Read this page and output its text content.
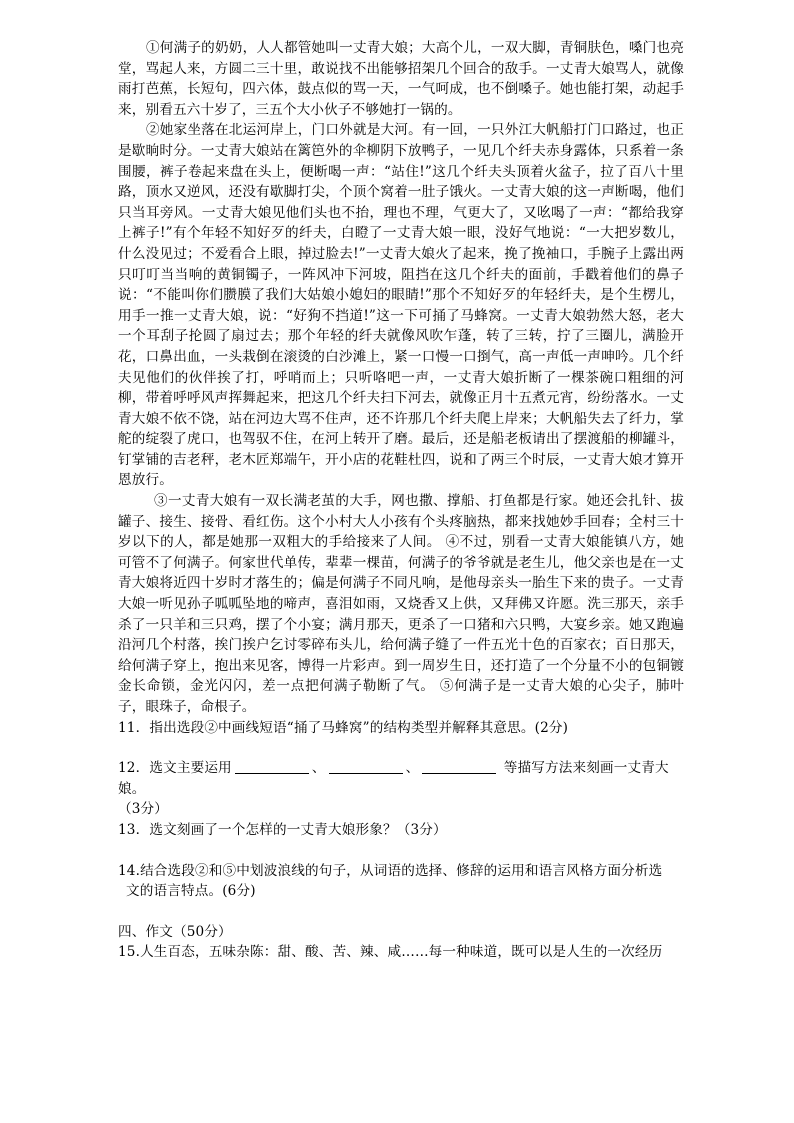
①何满子的奶奶，人人都管她叫一丈青大娘；大高个儿，一双大脚，青铜肤色，嗓门也亮堂，骂起人来，方圆二三十里，敢说找不出能够招架几个回合的敌手。一丈青大娘骂人，就像雨打芭蕉，长短句，四六体，鼓点似的骂一天，一气呵成，也不倒嗓子。她也能打架，动起手来，别看五六十岁了，三五个大小伙子不够她打一锅的。

②她家坐落在北运河岸上，门口外就是大河。有一回，一只外江大帆船打门口路过，也正是歇晌时分。一丈青大娘站在篱笆外的伞柳阴下放鸭子，一见几个纤夫赤身露体，只系着一条围腰，裤子卷起来盘在头上，便断喝一声：“站住!”这几个纤夫头顶着火盆子，拉了百八十里路，顶水又逆风，还没有歇脚打尖，个顶个窝着一肚子饿火。一丈青大娘的这一声断喝，他们只当耳旁风。一丈青大娘见他们头也不抬，理也不理，气更大了，又吆喝了一声：“都给我穿上裤子!”有个年轻不知好歹的纤夫，白瞪了一丈青大娘一眼，没好气地说：“一大把岁数儿，什么没见过；不爱看合上眼，掉过脸去!”一丈青大娘火了起来，挽了挽袖口，手腕子上露出两只叮叮当当响的黄铜镯子，一阵风冲下河坡，阻挡在这几个纤夫的面前，手戳着他们的鼻子说：“不能叫你们臜膜了我们大姑娘小媳妇的眼睛!”那个不知好歹的年轻纤夫，是个生楞儿，用手一推一丈青大娘，说：“好狗不挡道!”这一下可捅了马蜂窝。一丈青大娘勃然大怒，老大一个耳刮子抡圆了扇过去；那个年轻的纤夫就像风吹乍蓬，转了三转，拧了三圈儿，满脸开花，口鼻出血，一头栽倒在滚烫的白沙滩上，紧一口慢一口捯气，高一声低一声呻吟。几个纤夫见他们的伙伴挨了打，呼哨而上；只听咯吧一声，一丈青大娘折断了一棵茶碗口粗细的河柳，带着呼呼风声挥舞起来，把这几个纤夫扫下河去，就像正月十五煮元宵，纷纷落水。一丈青大娘不依不饶，站在河边大骂不住声，还不许那几个纤夫爬上岸来；大帆船失去了纤力，掌舵的绽裂了虎口，也驾驭不住，在河上转开了磨。最后，还是船老板请出了摆渡船的柳罐斗，钉掌铺的吉老秤，老木匠郑端午，开小店的花鞋杜四，说和了两三个时辰，一丈青大娘才算开恩放行。

③一丈青大娘有一双长满老茧的大手，网也撒、撑船、打鱼都是行家。她还会扎针、拔罐子、接生、接骨、看红伤。这个小村大人小孩有个头疼脑热，都来找她妙手回春；全村三十岁以下的人，都是她那一双粗大的手给接来了人间。 ④不过，别看一丈青大娘能镇八方，她可管不了何满子。何家世代单传，辈辈一棵苗，何满子的爷爷就是老生儿，他父亲也是在一丈青大娘将近四十岁时才落生的；偏是何满子不同凡响，是他母亲头一胎生下来的贵子。一丈青大娘一听见孙子呱呱坠地的啼声，喜泪如雨，又烧香又上供，又拜佛又许愿。洗三那天，亲手杀了一只羊和三只鸡，摆了个小宴；满月那天，更杀了一口猪和六只鸭，大宴乡亲。她又跑遍沿河几个村落，挨门挨户乞讨零碎布头儿，给何满子缝了一件五光十色的百家衣；百日那天，给何满子穿上，抱出来见客，博得一片彩声。到一周岁生日，还打造了一个分量不小的包铜镀金长命锁，金光闪闪，差一点把何满子勒断了气。 ⑤何满子是一丈青大娘的心尖子，肺叶子，眼珠子，命根子。

11．指出选段②中画线短语“捅了马蜂窝”的结构类型并解释其意思。(2分)

12．选文主要运用	、	、	等描写方法来刻画一丈青大娘。

（3分）

13．选文刻画了一个怎样的一丈青大娘形象？（3分）

14.结合选段②和⑤中划波浪线的句子，从词语的选择、修辞的运用和语言风格方面分析选

文的语言特点。(6分)

四、作文（50分）

15.人生百态，五味杂陈：甜、酸、苦、辣、咸……每一种味道，既可以是人生的一次经历
